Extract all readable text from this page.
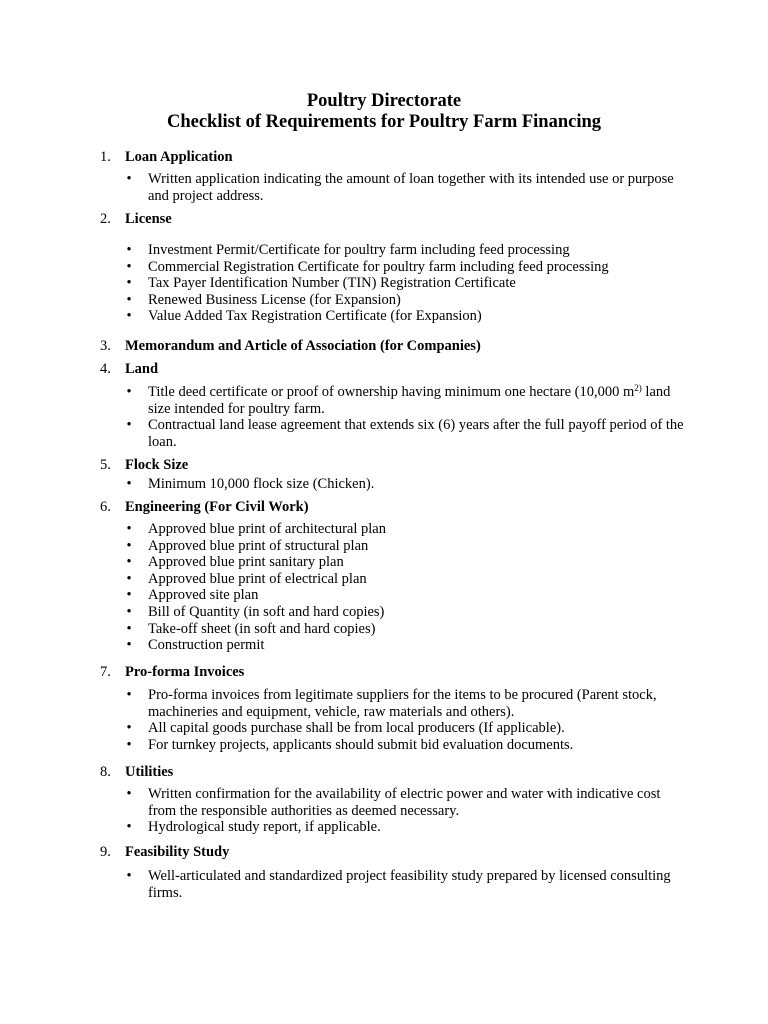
Poultry Directorate
Checklist of Requirements for Poultry Farm Financing
1. Loan Application
• Written application indicating the amount of loan together with its intended use or purpose and project address.
2. License
• Investment Permit/Certificate for poultry farm including feed processing
• Commercial Registration Certificate for poultry farm including feed processing
• Tax Payer Identification Number (TIN) Registration Certificate
• Renewed Business License (for Expansion)
• Value Added Tax Registration Certificate (for Expansion)
3. Memorandum and Article of Association (for Companies)
4. Land
• Title deed certificate or proof of ownership having minimum one hectare (10,000 $m^{2)}$ land size intended for poultry farm.
• Contractual land lease agreement that extends six (6) years after the full payoff period of the loan.
5. Flock Size
• Minimum 10,000 flock size (Chicken).
6. Engineering (For Civil Work)
• Approved blue print of architectural plan
• Approved blue print of structural plan
• Approved blue print sanitary plan
• Approved blue print of electrical plan
• Approved site plan
• Bill of Quantity (in soft and hard copies)
• Take-off sheet (in soft and hard copies)
• Construction permit
7. Pro-forma Invoices
• Pro-forma invoices from legitimate suppliers for the items to be procured (Parent stock, machineries and equipment, vehicle, raw materials and others).
• All capital goods purchase shall be from local producers (If applicable).
• For turnkey projects, applicants should submit bid evaluation documents.
8. Utilities
• Written confirmation for the availability of electric power and water with indicative cost from the responsible authorities as deemed necessary.
• Hydrological study report, if applicable.
9. Feasibility Study
• Well-articulated and standardized project feasibility study prepared by licensed consulting firms.
